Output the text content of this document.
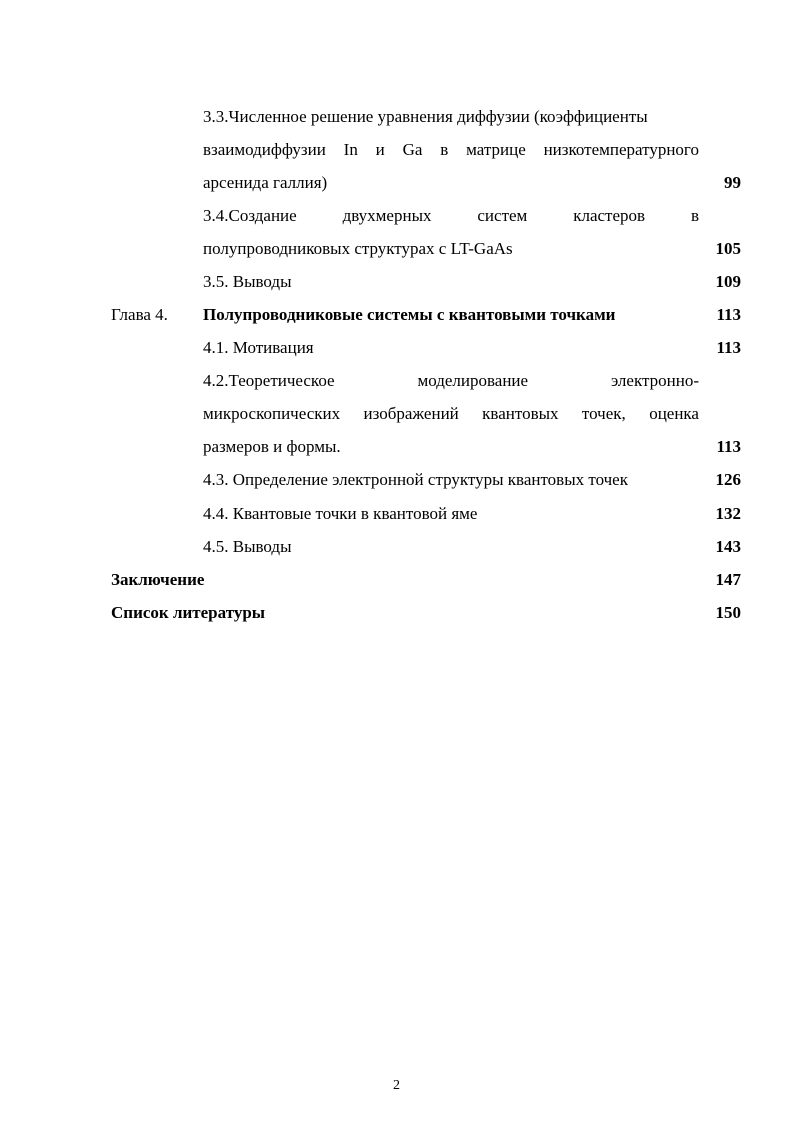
3.3.Численное решение уравнения диффузии (коэффициенты
взаимодиффузии In и Ga в матрице низкотемпературного
арсенида галлия)	99
3.4.Создание	двухмерных	систем	кластеров	в
полупроводниковых структурах с LT-GaAs	105
3.5. Выводы	109
Глава 4. Полупроводниковые системы с квантовыми точками	113
4.1. Мотивация	113
4.2.Теоретическое	моделирование	электронно-
микроскопических изображений квантовых точек, оценка
размеров и формы.	113
4.3. Определение электронной структуры квантовых точек	126
4.4. Квантовые точки в квантовой яме	132
4.5. Выводы	143
Заключение	147
Список литературы	150
2
